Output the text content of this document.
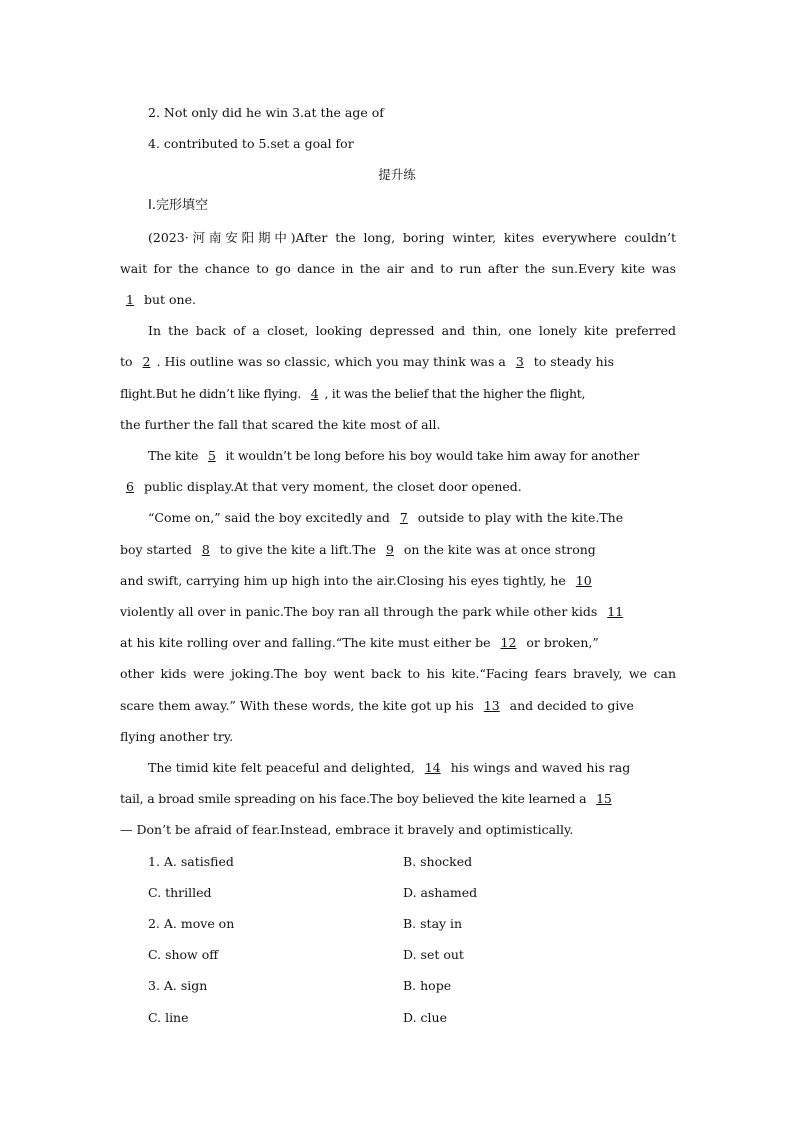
2. Not only did he win 3.at the age of
4. contributed to 5.set a goal for
提升练
Ⅰ.完形填空
(2023·河南安阳期中)After the long, boring winter, kites everywhere couldn’t
wait for the chance to go dance in the air and to run after the sun.Every kite was
1 but one.
In the back of a closet, looking depressed and thin, one lonely kite preferred
to 2 . His outline was so classic, which you may think was a 3 to steady his
flight.But he didn’t like flying. 4 , it was the belief that the higher the flight,
the further the fall that scared the kite most of all.
The kite 5 it wouldn’t be long before his boy would take him away for another
6 public display.At that very moment, the closet door opened.
“Come on,” said the boy excitedly and 7 outside to play with the kite.The
boy started 8 to give the kite a lift.The 9 on the kite was at once strong
and swift, carrying him up high into the air.Closing his eyes tightly, he 10
violently all over in panic.The boy ran all through the park while other kids 11
at his kite rolling over and falling.“The kite must either be 12 or broken,”
other kids were joking.The boy went back to his kite.“Facing fears bravely, we can
scare them away.” With these words, the kite got up his 13 and decided to give
flying another try.
The timid kite felt peaceful and delighted, 14 his wings and waved his rag
tail, a broad smile spreading on his face.The boy believed the kite learned a 15
— Don’t be afraid of fear.Instead, embrace it bravely and optimistically.
1. A. satisfied	B. shocked
C. thrilled	D. ashamed
2. A. move on	B. stay in
C. show off	D. set out
3. A. sign	B. hope
C. line	D. clue
